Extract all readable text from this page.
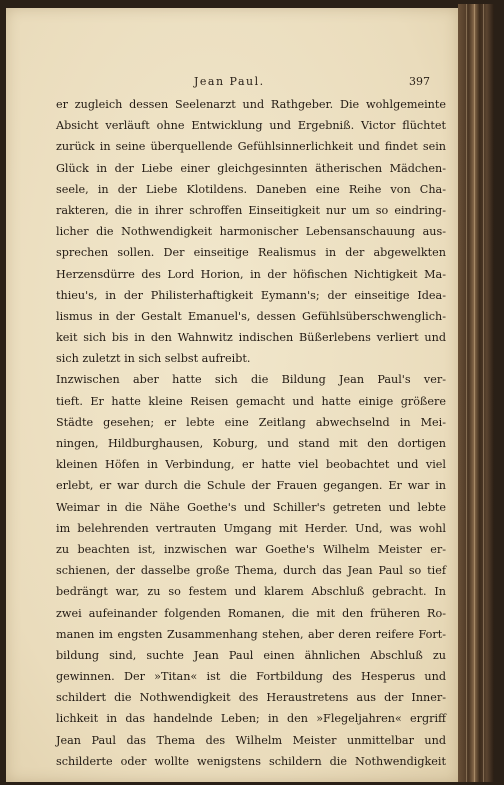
Jean Paul.	397
er zugleich dessen Seelenarzt und Rathgeber. Die wohlgemeinte
Absicht verläuft ohne Entwicklung und Ergebniß. Victor flüchtet
zurück in seine überquellende Gefühlsinnerlichkeit und findet sein
Glück in der Liebe einer gleichgesinnten ätherischen Mädchen-
seele, in der Liebe Klotildens. Daneben eine Reihe von Cha-
rakteren, die in ihrer schroffen Einseitigkeit nur um so eindring-
licher die Nothwendigkeit harmonischer Lebensanschauung aus-
sprechen sollen. Der einseitige Realismus in der abgewelkten
Herzensdürre des Lord Horion, in der höfischen Nichtigkeit Ma-
thieu's, in der Philisterhaftigkeit Eymann's; der einseitige Idea-
lismus in der Gestalt Emanuel's, dessen Gefühlsüberschwenglich-
keit sich bis in den Wahnwitz indischen Büßerlebens verliert und
sich zuletzt in sich selbst aufreibt.
Inzwischen aber hatte sich die Bildung Jean Paul's ver-
tieft. Er hatte kleine Reisen gemacht und hatte einige größere
Städte gesehen; er lebte eine Zeitlang abwechselnd in Mei-
ningen, Hildburghausen, Koburg, und stand mit den dortigen
kleinen Höfen in Verbindung, er hatte viel beobachtet und viel
erlebt, er war durch die Schule der Frauen gegangen. Er war in
Weimar in die Nähe Goethe's und Schiller's getreten und lebte
im belehrenden vertrauten Umgang mit Herder. Und, was wohl
zu beachten ist, inzwischen war Goethe's Wilhelm Meister er-
schienen, der dasselbe große Thema, durch das Jean Paul so tief
bedrängt war, zu so festem und klarem Abschluß gebracht. In
zwei aufeinander folgenden Romanen, die mit den früheren Ro-
manen im engsten Zusammenhang stehen, aber deren reifere Fort-
bildung sind, suchte Jean Paul einen ähnlichen Abschluß zu
gewinnen. Der »Titan« ist die Fortbildung des Hesperus und
schildert die Nothwendigkeit des Heraustretens aus der Inner-
lichkeit in das handelnde Leben; in den »Flegeljahren« ergriff
Jean Paul das Thema des Wilhelm Meister unmittelbar und
schilderte oder wollte wenigstens schildern die Nothwendigkeit
